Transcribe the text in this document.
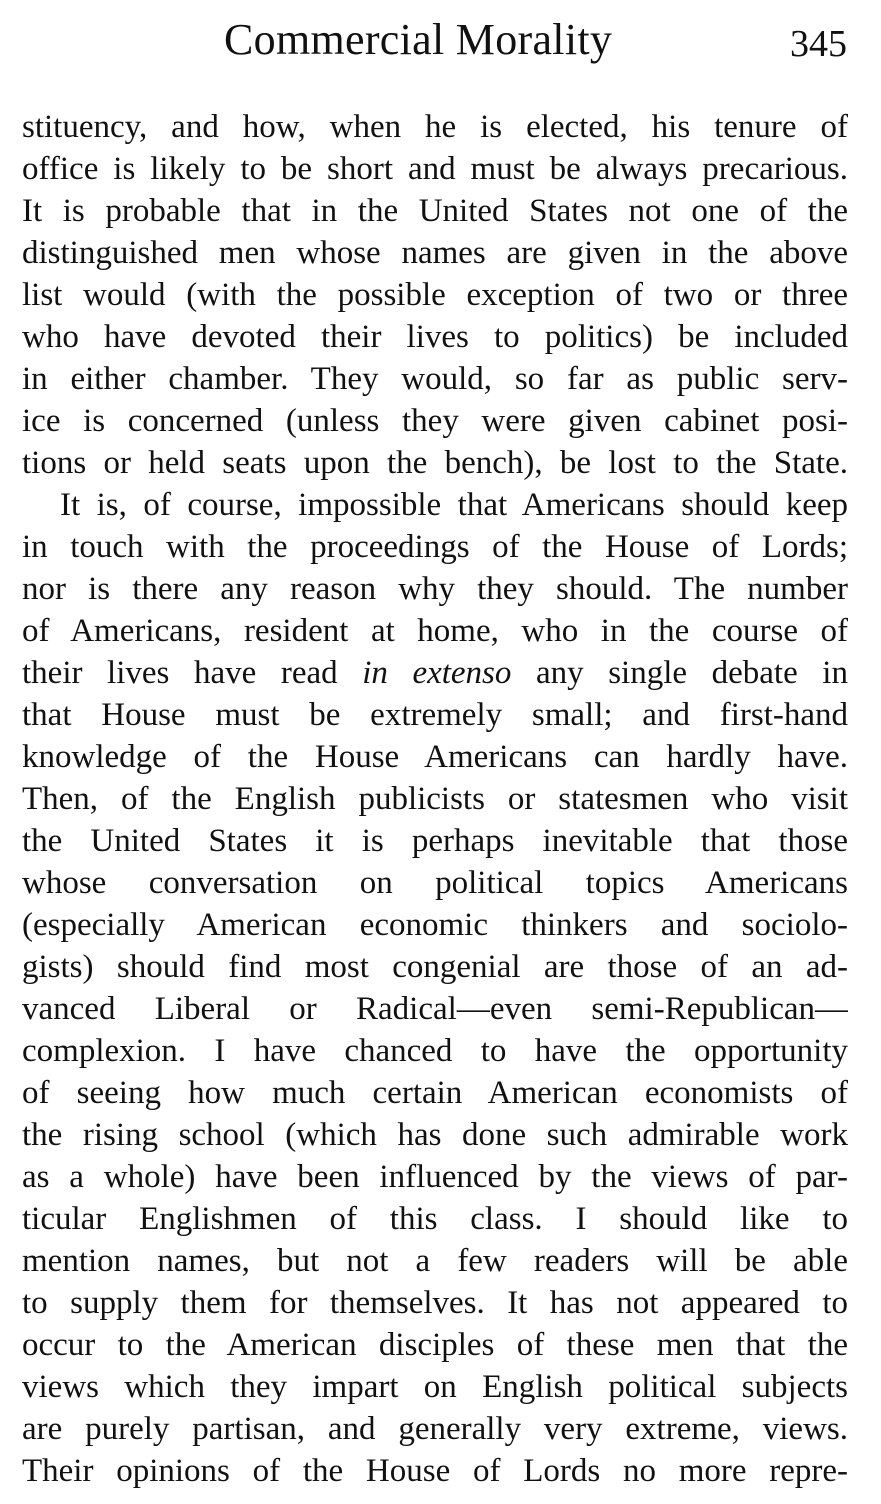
Commercial Morality	345
stituency, and how, when he is elected, his tenure of
office is likely to be short and must be always precarious.
It is probable that in the United States not one of the
distinguished men whose names are given in the above
list would (with the possible exception of two or three
who have devoted their lives to politics) be included
in either chamber. They would, so far as public serv-
ice is concerned (unless they were given cabinet posi-
tions or held seats upon the bench), be lost to the State.
It is, of course, impossible that Americans should keep
in touch with the proceedings of the House of Lords;
nor is there any reason why they should. The number
of Americans, resident at home, who in the course of
their lives have read in extenso any single debate in
that House must be extremely small; and first-hand
knowledge of the House Americans can hardly have.
Then, of the English publicists or statesmen who visit
the United States it is perhaps inevitable that those
whose conversation on political topics Americans
(especially American economic thinkers and sociolo-
gists) should find most congenial are those of an ad-
vanced Liberal or Radical—even semi-Republican—
complexion. I have chanced to have the opportunity
of seeing how much certain American economists of
the rising school (which has done such admirable work
as a whole) have been influenced by the views of par-
ticular Englishmen of this class. I should like to
mention names, but not a few readers will be able
to supply them for themselves. It has not appeared to
occur to the American disciples of these men that the
views which they impart on English political subjects
are purely partisan, and generally very extreme, views.
Their opinions of the House of Lords no more repre-
